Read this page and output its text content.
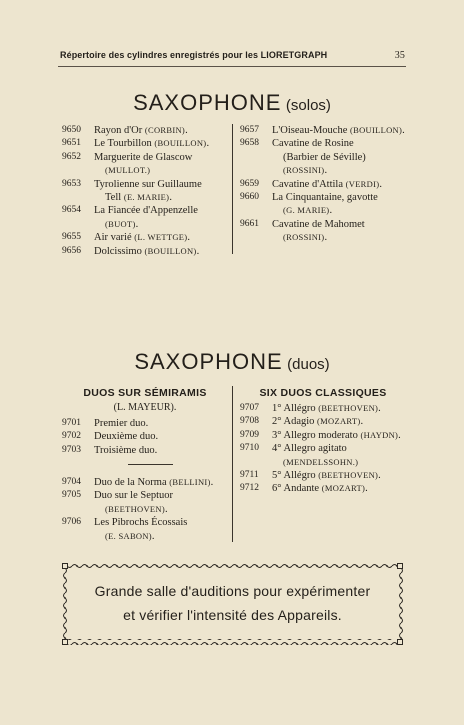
Répertoire des cylindres enregistrés pour les LIORETGRAPH	35
SAXOPHONE (solos)
9650	Rayon d'Or (CORBIN).
9651	Le Tourbillon (BOUILLON).
9652	Marguerite de Glascow
(MULLOT.)
9653	Tyrolienne sur Guillaume
Tell (E. MARIE).
9654	La Fiancée d'Appenzelle
(BUOT).
9655	Air varié (L. WETTGE).
9656	Dolcissimo (BOUILLON).
9657	L'Oiseau-Mouche (BOUILLON).
9658	Cavatine de Rosine
(Barbier de Séville)
(ROSSINI).
9659	Cavatine d'Attila (VERDI).
9660	La Cinquantaine, gavotte
(G. MARIE).
9661	Cavatine de Mahomet
(ROSSINI).
SAXOPHONE (duos)
DUOS SUR SÉMIRAMIS
(L. MAYEUR).
9701	Premier duo.
9702	Deuxième duo.
9703	Troisième duo.
9704	Duo de la Norma (BELLINI).
9705	Duo sur le Septuor
(BEETHOVEN).
9706	Les Pibrochs Écossais
(E. SABON).
SIX DUOS CLASSIQUES
9707	1° Allégro (BEETHOVEN).
9708	2° Adagio (MOZART).
9709	3° Allegro moderato (HAYDN).
9710	4° Allegro agitato
(MENDELSSOHN.)
9711	5° Allégro (BEETHOVEN).
9712	6° Andante (MOZART).
Grande salle d'auditions pour expérimenter
et vérifier l'intensité des Appareils.
